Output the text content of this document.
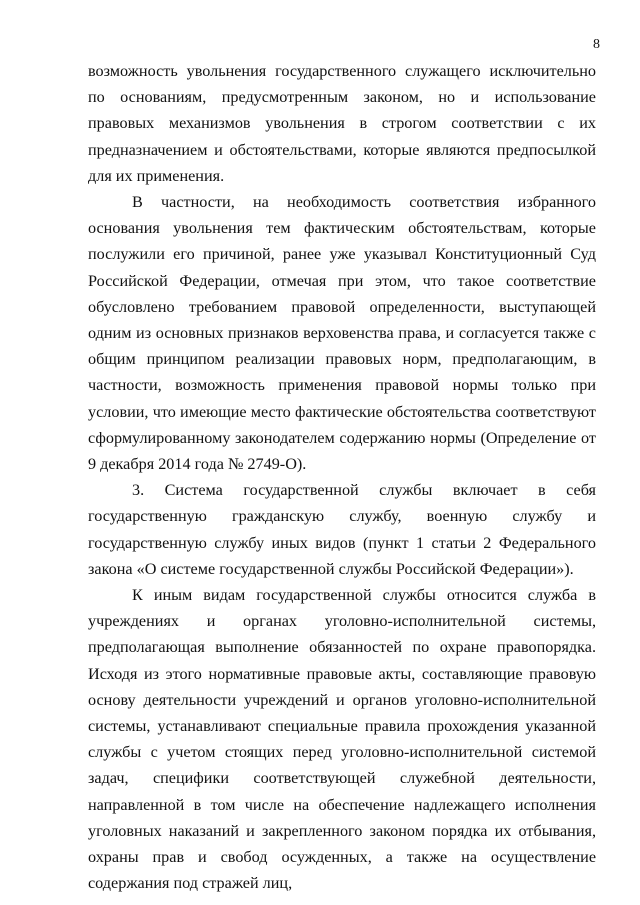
8

возможность увольнения государственного служащего исключительно по основаниям, предусмотренным законом, но и использование правовых механизмов увольнения в строгом соответствии с их предназначением и обстоятельствами, которые являются предпосылкой для их применения.

В частности, на необходимость соответствия избранного основания увольнения тем фактическим обстоятельствам, которые послужили его причиной, ранее уже указывал Конституционный Суд Российской Федерации, отмечая при этом, что такое соответствие обусловлено требованием правовой определенности, выступающей одним из основных признаков верховенства права, и согласуется также с общим принципом реализации правовых норм, предполагающим, в частности, возможность применения правовой нормы только при условии, что имеющие место фактические обстоятельства соответствуют сформулированному законодателем содержанию нормы (Определение от 9 декабря 2014 года № 2749-О).

3. Система государственной службы включает в себя государственную гражданскую службу, военную службу и государственную службу иных видов (пункт 1 статьи 2 Федерального закона «О системе государственной службы Российской Федерации»).

К иным видам государственной службы относится служба в учреждениях и органах уголовно-исполнительной системы, предполагающая выполнение обязанностей по охране правопорядка. Исходя из этого нормативные правовые акты, составляющие правовую основу деятельности учреждений и органов уголовно-исполнительной системы, устанавливают специальные правила прохождения указанной службы с учетом стоящих перед уголовно-исполнительной системой задач, специфики соответствующей служебной деятельности, направленной в том числе на обеспечение надлежащего исполнения уголовных наказаний и закрепленного законом порядка их отбывания, охраны прав и свобод осужденных, а также на осуществление содержания под стражей лиц,
